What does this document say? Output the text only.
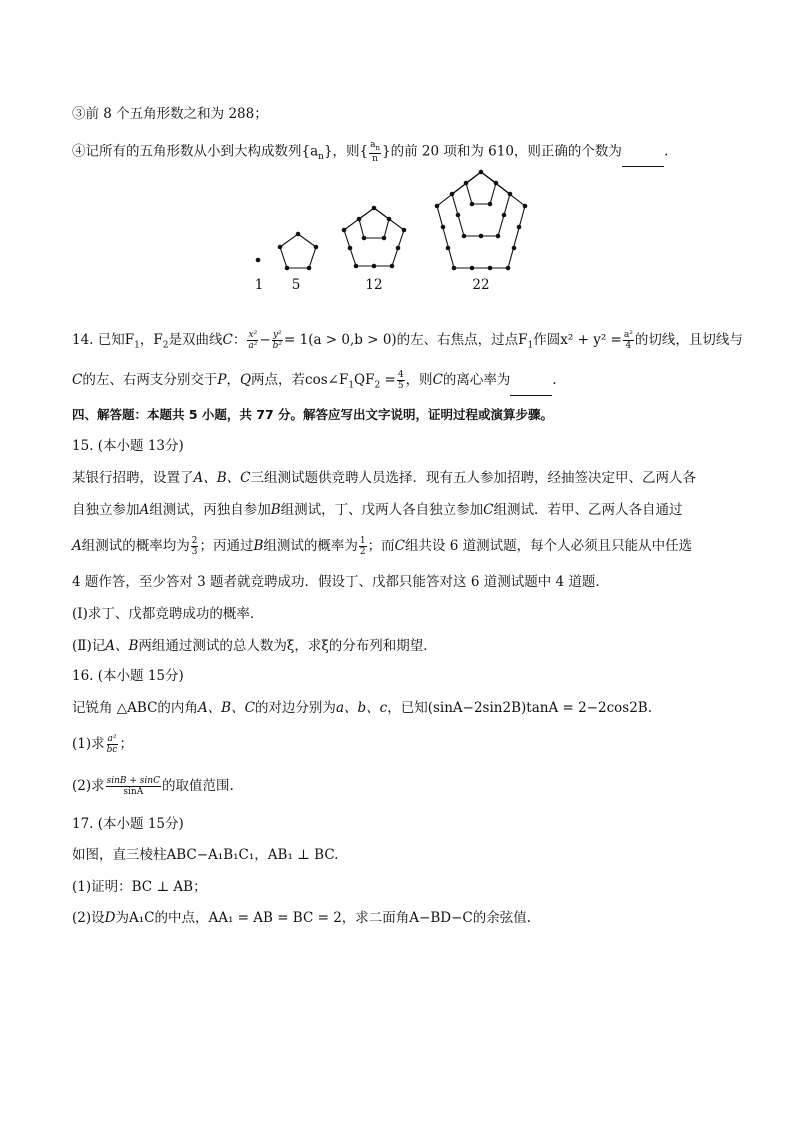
③前 8 个五角形数之和为 288；
④记所有的五角形数从小到大构成数列$\{a_n\}$，则{ $\frac{a_n}{n}$ }的前 20 项和为 610，则正确的个数为	.
1	5	12	22
14. 已知$F_1$，$F_2$是双曲线C： $\frac{\text{x²}}{\text{a²}} - \frac{\text{y²}}{\text{b²}} = 1(a > 0,b > 0)$的左、右焦点，过点$F_1$作圆$x^2 + y^2 = \frac{\text{a²}}{4}$ 的切线，且切线与
C的左、右两支分别交于P，Q两点，若$\cos\angle F_1QF_2 = \frac{4}{5}$ ，则C的离心率为	.
四、解答题：本题共 5 小题，共 77 分。解答应写出文字说明，证明过程或演算步骤。
15. (本小题 13分)
某银行招聘，设置了A、B、C三组测试题供竞聘人员选择．现有五人参加招聘，经抽签决定甲、乙两人各
自独立参加A组测试，丙独自参加B组测试，丁、戊两人各自独立参加C组测试．若甲、乙两人各自通过
A组测试的概率均为 $\frac{2}{3}$ ；丙通过B组测试的概率为 $\frac{1}{2}$ ；而C组共设 6 道测试题，每个人必须且只能从中任选
4 题作答，至少答对 3 题者就竞聘成功．假设丁、戊都只能答对这 6 道测试题中 4 道题．
(Ⅰ)求丁、戊都竞聘成功的概率．
(Ⅱ)记A、B两组通过测试的总人数为ξ，求ξ的分布列和期望．
16. (本小题 15分)
记锐角 △ABC的内角A、B、C的对边分别为a、b、c，已知(sinA−2sin2B)tanA = 2−2cos2B.
(1)求 $\frac{\text{a²}}{bc}$ ；
(2)求 $\frac{\sin B + \sin C}{\sin A}$ 的取值范围.
17. (本小题 15分)
如图，直三棱柱ABC−A₁B₁C₁，AB₁ ⊥ BC.
(1)证明：BC ⊥ AB；
(2)设D为A₁C的中点，AA₁ = AB = BC = 2，求二面角A−BD−C的余弦值.
